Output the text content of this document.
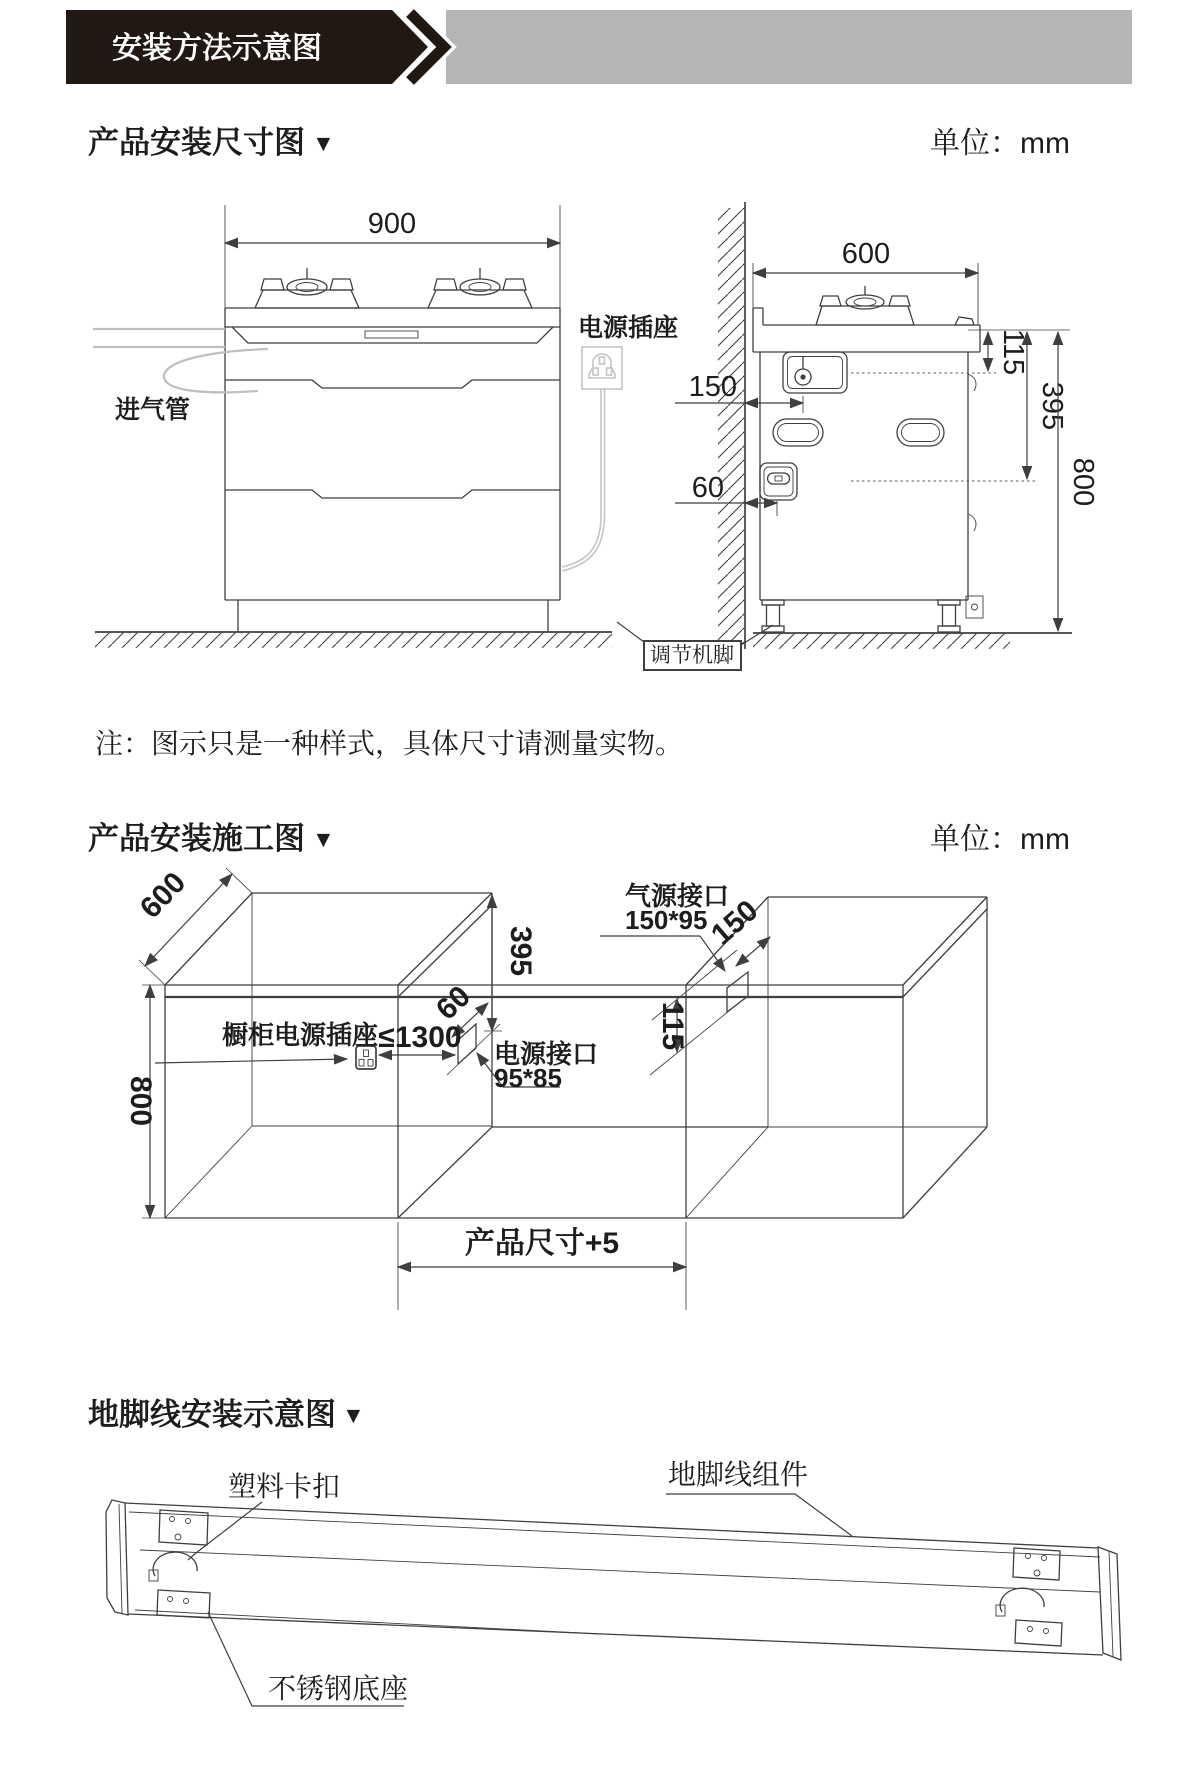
安装方法示意图
产品安装尺寸图 ▼	单位：mm
900
进气管
电源插座
600
150
60
115
395
800
调节机脚
注：图示只是一种样式，具体尺寸请测量实物。
产品安装施工图 ▼	单位：mm
600
800
395
60
橱柜电源插座 ≤1300 电源接口
95*85
150
115
气源接口
150*95
产品尺寸+5
地脚线安装示意图 ▼
塑料卡扣	地脚线组件
不锈钢底座
